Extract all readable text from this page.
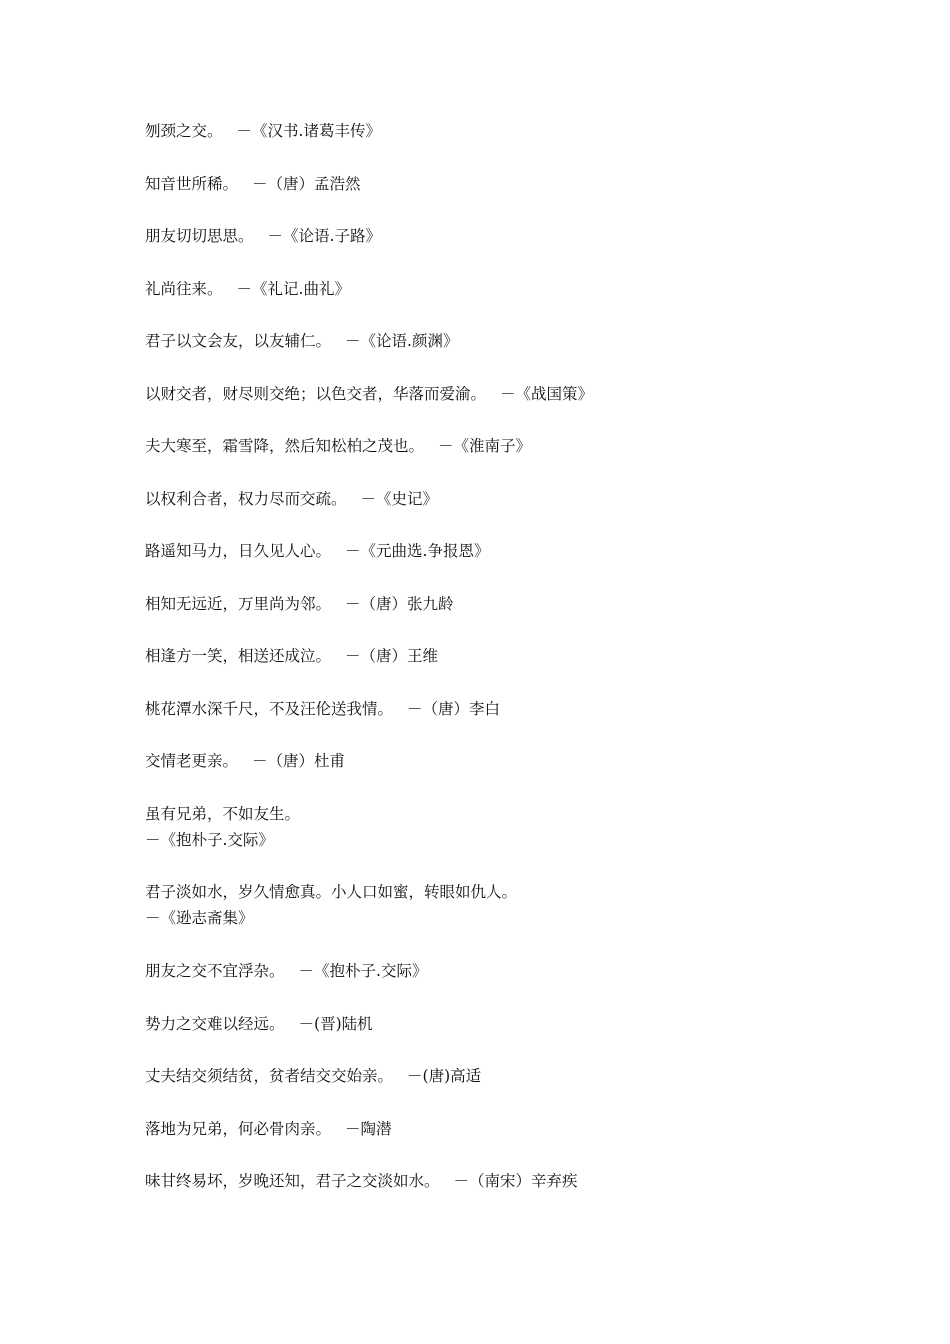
刎颈之交。 －《汉书.诸葛丰传》

知音世所稀。 －（唐）孟浩然

朋友切切思思。 －《论语.子路》

礼尚往来。 －《礼记.曲礼》

君子以文会友，以友辅仁。 －《论语.颜渊》

以财交者，财尽则交绝；以色交者，华落而爱渝。 －《战国策》

夫大寒至，霜雪降，然后知松柏之茂也。 －《淮南子》

以权利合者，权力尽而交疏。 －《史记》

路遥知马力，日久见人心。 －《元曲选.争报恩》

相知无远近，万里尚为邻。 －（唐）张九龄

相逢方一笑，相送还成泣。 －（唐）王维

桃花潭水深千尺，不及汪伦送我情。 －（唐）李白

交情老更亲。 －（唐）杜甫

虽有兄弟，不如友生。
－《抱朴子.交际》

君子淡如水，岁久情愈真。小人口如蜜，转眼如仇人。
－《逊志斋集》

朋友之交不宜浮杂。 －《抱朴子.交际》

势力之交难以经远。 －(晋)陆机

丈夫结交须结贫，贫者结交交始亲。 －(唐)高适

落地为兄弟，何必骨肉亲。 －陶潜

味甘终易坏，岁晚还知，君子之交淡如水。 －（南宋）辛弃疾
